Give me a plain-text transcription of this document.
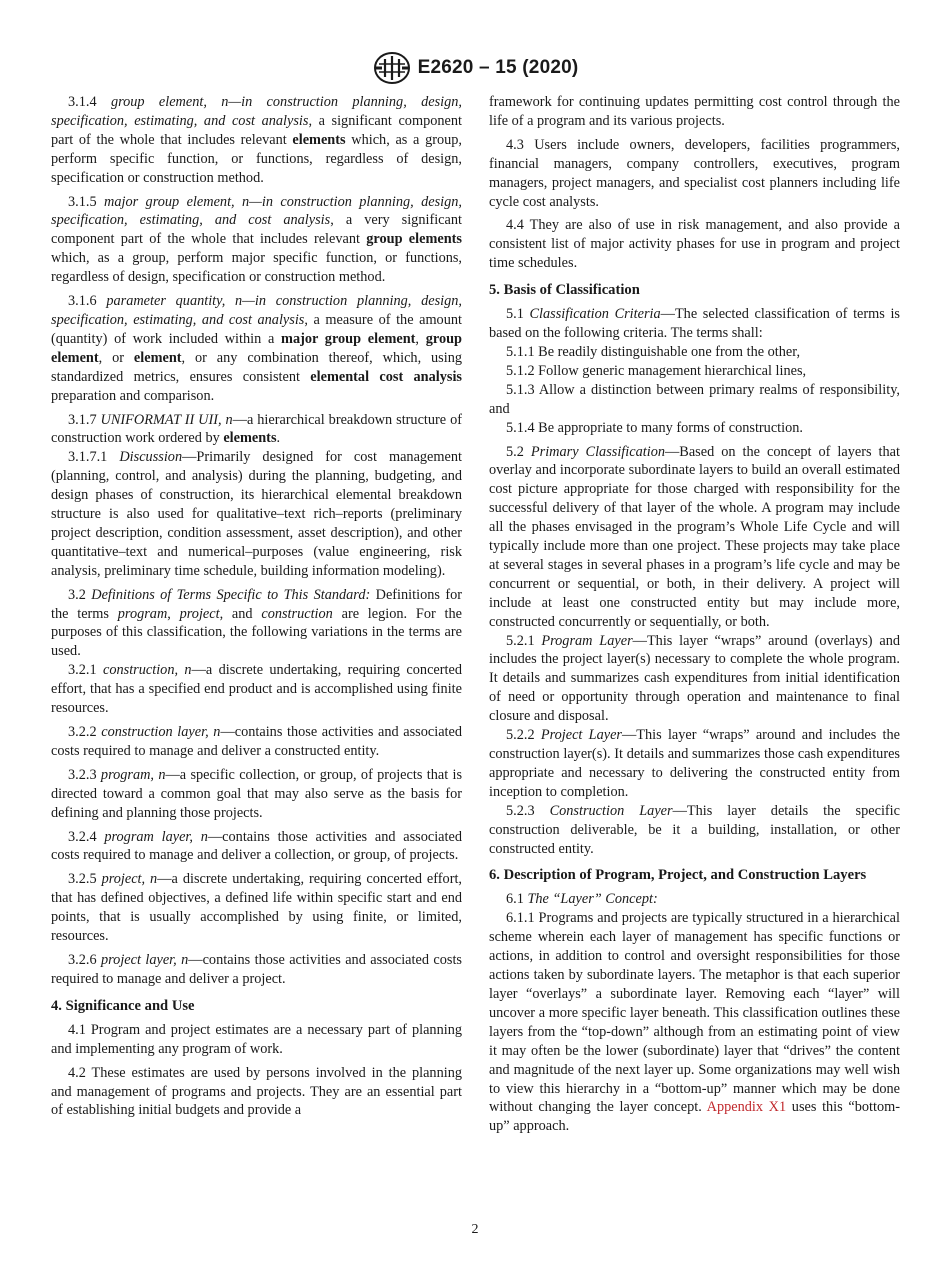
E2620 – 15 (2020)

3.1.4 group element, n—in construction planning, design, specification, estimating, and cost analysis, a significant component part of the whole that includes relevant elements which, as a group, perform specific function, or functions, regardless of design, specification or construction method.

3.1.5 major group element, n—in construction planning, design, specification, estimating, and cost analysis, a very significant component part of the whole that includes relevant group elements which, as a group, perform major specific function, or functions, regardless of design, specification or construction method.

3.1.6 parameter quantity, n—in construction planning, design, specification, estimating, and cost analysis, a measure of the amount (quantity) of work included within a major group element, group element, or element, or any combination thereof, which, using standardized metrics, ensures consistent elemental cost analysis preparation and comparison.

3.1.7 UNIFORMAT II UII, n—a hierarchical breakdown structure of construction work ordered by elements.

3.1.7.1 Discussion—Primarily designed for cost management (planning, control, and analysis) during the planning, budgeting, and design phases of construction, its hierarchical elemental breakdown structure is also used for qualitative–text rich–reports (preliminary project description, condition assessment, asset description), and other quantitative–text and numerical–purposes (value engineering, risk analysis, preliminary time schedule, building information modeling).

3.2 Definitions of Terms Specific to This Standard: Definitions for the terms program, project, and construction are legion. For the purposes of this classification, the following variations in the terms are used.

3.2.1 construction, n—a discrete undertaking, requiring concerted effort, that has a specified end product and is accomplished using finite resources.

3.2.2 construction layer, n—contains those activities and associated costs required to manage and deliver a constructed entity.

3.2.3 program, n—a specific collection, or group, of projects that is directed toward a common goal that may also serve as the basis for defining and planning those projects.

3.2.4 program layer, n—contains those activities and associated costs required to manage and deliver a collection, or group, of projects.

3.2.5 project, n—a discrete undertaking, requiring concerted effort, that has defined objectives, a defined life within specific start and end points, that is usually accomplished by using finite, or limited, resources.

3.2.6 project layer, n—contains those activities and associated costs required to manage and deliver a project.

4. Significance and Use

4.1 Program and project estimates are a necessary part of planning and implementing any program of work.

4.2 These estimates are used by persons involved in the planning and management of programs and projects. They are an essential part of establishing initial budgets and provide a

framework for continuing updates permitting cost control through the life of a program and its various projects.

4.3 Users include owners, developers, facilities programmers, financial managers, company controllers, executives, program managers, project managers, and specialist cost planners including life cycle cost analysts.

4.4 They are also of use in risk management, and also provide a consistent list of major activity phases for use in program and project time schedules.

5. Basis of Classification

5.1 Classification Criteria—The selected classification of terms is based on the following criteria. The terms shall:

5.1.1 Be readily distinguishable one from the other,

5.1.2 Follow generic management hierarchical lines,

5.1.3 Allow a distinction between primary realms of responsibility, and

5.1.4 Be appropriate to many forms of construction.

5.2 Primary Classification—Based on the concept of layers that overlay and incorporate subordinate layers to build an overall estimated cost picture appropriate for those charged with responsibility for the successful delivery of that layer of the whole. A program may include all the phases envisaged in the program’s Whole Life Cycle and will typically include more than one project. These projects may take place at several stages in several phases in a program’s life cycle and may be concurrent or sequential, or both, in their delivery. A project will include at least one constructed entity but may include more, constructed concurrently or sequentially, or both.

5.2.1 Program Layer—This layer “wraps” around (overlays) and includes the project layer(s) necessary to complete the whole program. It details and summarizes cash expenditures from initial identification of need or opportunity through operation and maintenance to final closure and disposal.

5.2.2 Project Layer—This layer “wraps” around and includes the construction layer(s). It details and summarizes those cash expenditures appropriate and necessary to delivering the constructed entity from inception to completion.

5.2.3 Construction Layer—This layer details the specific construction deliverable, be it a building, installation, or other constructed entity.

6. Description of Program, Project, and Construction Layers

6.1 The “Layer” Concept:

6.1.1 Programs and projects are typically structured in a hierarchical scheme wherein each layer of management has specific functions or actions, in addition to control and oversight responsibilities for those actions taken by subordinate layers. The metaphor is that each superior layer “overlays” a subordinate layer. Removing each “layer” will uncover a more specific layer beneath. This classification outlines these layers from the “top-down” although from an estimating point of view it may often be the lower (subordinate) layer that “drives” the content and magnitude of the next layer up. Some organizations may well wish to view this hierarchy in a “bottom-up” manner which may be done without changing the layer concept. Appendix X1 uses this “bottom-up” approach.

2
